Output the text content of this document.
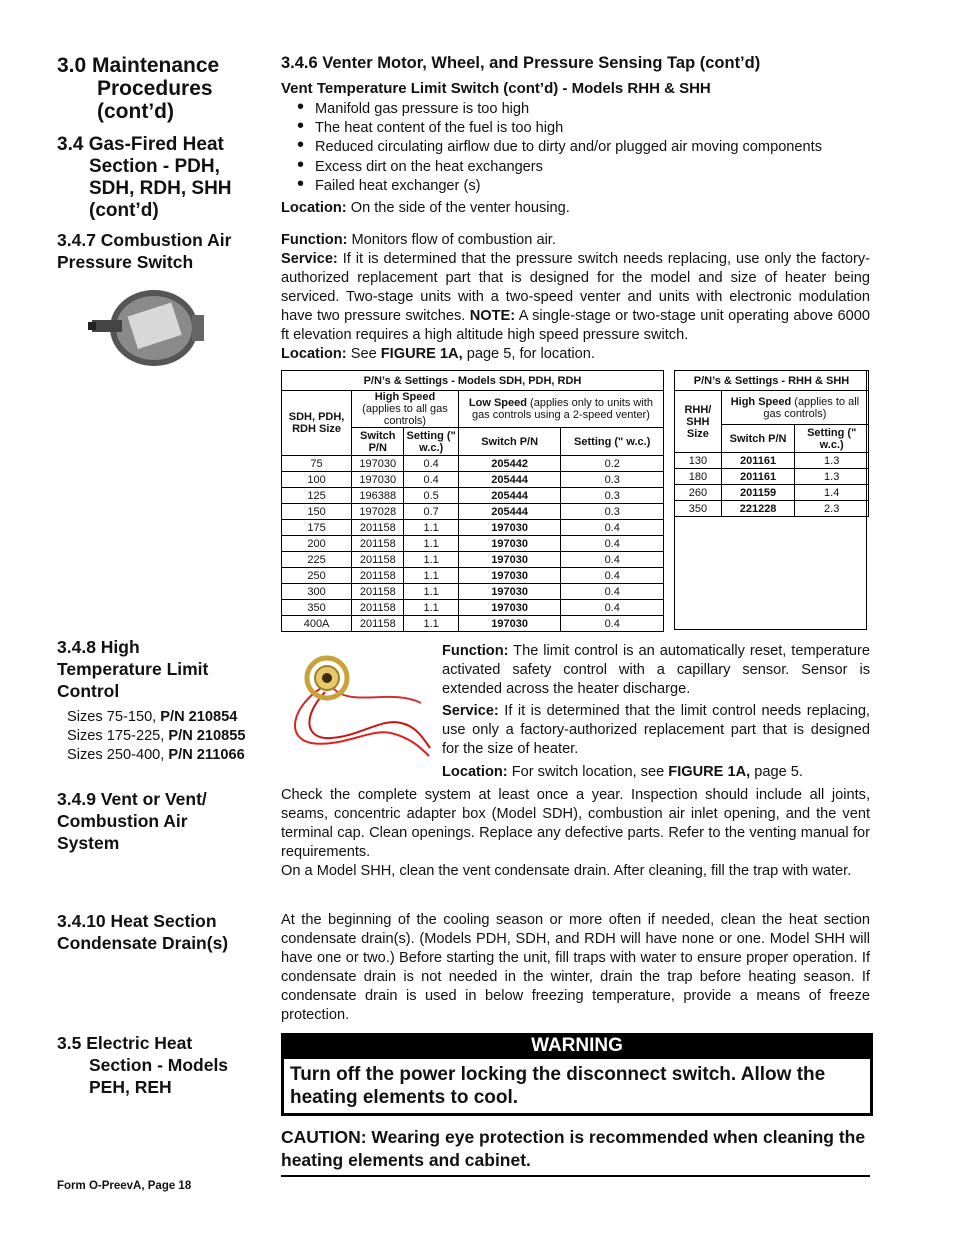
3.0 Maintenance
Procedures
(cont’d)
3.4 Gas-Fired Heat
Section - PDH,
SDH, RDH, SHH
(cont’d)
3.4.7 Combustion Air
Pressure Switch
3.4.8 High
Temperature Limit
Control
Sizes 75-150, P/N 210854
Sizes 175-225, P/N 210855
Sizes 250-400, P/N 211066
3.4.9 Vent or Vent/
Combustion Air
System
3.4.10 Heat Section
Condensate Drain(s)
3.5 Electric Heat
Section - Models
PEH, REH
Form O-PreevA, Page 18
3.4.6 Venter Motor, Wheel, and Pressure Sensing Tap (cont’d)
Vent Temperature Limit Switch (cont’d) - Models RHH & SHH
• Manifold gas pressure is too high
• The heat content of the fuel is too high
• Reduced circulating airflow due to dirty and/or plugged air moving components
• Excess dirt on the heat exchangers
• Failed heat exchanger (s)
Location: On the side of the venter housing.
Function: Monitors flow of combustion air.
Service: If it is determined that the pressure switch needs replacing, use only the factory-authorized replacement part that is designed for the model and size of heater being serviced. Two-stage units with a two-speed venter and units with electronic modulation have two pressure switches. NOTE: A single-stage or two-stage unit operating above 6000 ft elevation requires a high altitude high speed pressure switch.
Location: See FIGURE 1A, page 5, for location.
P/N’s & Settings - Models SDH, PDH, RDH				
SDH, PDH, RDH Size	High Speed (applies to all gas controls)		Low Speed (applies only to units with gas controls using a 2-speed venter)	
	Switch P/N	Setting (" w.c.)	Switch P/N	Setting (" w.c.)
75	197030	0.4	205442	0.2
100	197030	0.4	205444	0.3
125	196388	0.5	205444	0.3
150	197028	0.7	205444	0.3
175	201158	1.1	197030	0.4
200	201158	1.1	197030	0.4
225	201158	1.1	197030	0.4
250	201158	1.1	197030	0.4
300	201158	1.1	197030	0.4
350	201158	1.1	197030	0.4
400A	201158	1.1	197030	0.4
P/N’s & Settings - RHH & SHH		
RHH/ SHH Size	High Speed (applies to all gas controls)	
	Switch P/N	Setting (" w.c.)
130	201161	1.3
180	201161	1.3
260	201159	1.4
350	221228	2.3
Function: The limit control is an automatically reset, temperature activated safety control with a capillary sensor. Sensor is extended across the heater discharge.
Service: If it is determined that the limit control needs replacing, use only a factory-authorized replacement part that is designed for the size of heater.
Location: For switch location, see FIGURE 1A, page 5.
Check the complete system at least once a year. Inspection should include all joints, seams, concentric adapter box (Model SDH), combustion air inlet opening, and the vent terminal cap. Clean openings. Replace any defective parts. Refer to the venting manual for requirements.
On a Model SHH, clean the vent condensate drain. After cleaning, fill the trap with water.
At the beginning of the cooling season or more often if needed, clean the heat section condensate drain(s). (Models PDH, SDH, and RDH will have none or one. Model SHH will have one or two.) Before starting the unit, fill traps with water to ensure proper operation. If condensate drain is not needed in the winter, drain the trap before heating season. If condensate drain is used in below freezing temperature, provide a means of freeze protection.
WARNING
Turn off the power locking the disconnect switch. Allow the heating elements to cool.
CAUTION: Wearing eye protection is recommended when cleaning the heating elements and cabinet.
